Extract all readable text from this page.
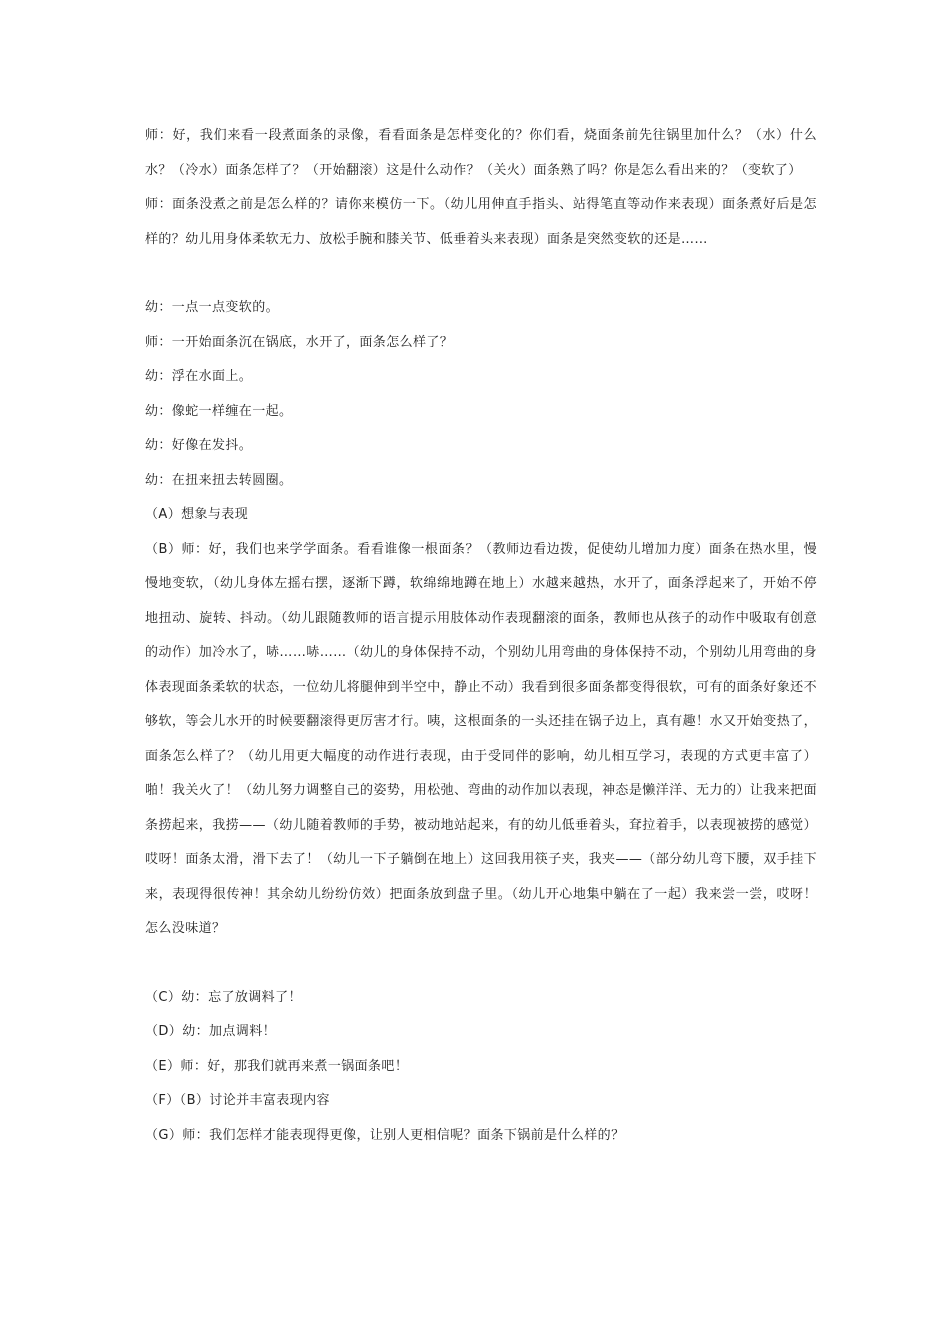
师：好，我们来看一段煮面条的录像，看看面条是怎样变化的？你们看，烧面条前先往锅里加什么？（水）什么水？（冷水）面条怎样了？（开始翻滚）这是什么动作？（关火）面条熟了吗？你是怎么看出来的？（变软了）

师：面条没煮之前是怎么样的？请你来模仿一下。（幼儿用伸直手指头、站得笔直等动作来表现）面条煮好后是怎样的？幼儿用身体柔软无力、放松手腕和膝关节、低垂着头来表现）面条是突然变软的还是……

幼：一点一点变软的。

师：一开始面条沉在锅底，水开了，面条怎么样了？

幼：浮在水面上。

幼：像蛇一样缠在一起。

幼：好像在发抖。

幼：在扭来扭去转圆圈。

（A）想象与表现

（B）师：好，我们也来学学面条。看看谁像一根面条？（教师边看边拨，促使幼儿增加力度）面条在热水里，慢慢地变软，（幼儿身体左摇右摆，逐渐下蹲，软绵绵地蹲在地上）水越来越热，水开了，面条浮起来了，开始不停地扭动、旋转、抖动。（幼儿跟随教师的语言提示用肢体动作表现翻滚的面条，教师也从孩子的动作中吸取有创意的动作）加冷水了，哧……哧……（幼儿的身体保持不动，个别幼儿用弯曲的身体保持不动，个别幼儿用弯曲的身体表现面条柔软的状态，一位幼儿将腿伸到半空中，静止不动）我看到很多面条都变得很软，可有的面条好象还不够软，等会儿水开的时候要翻滚得更厉害才行。咦，这根面条的一头还挂在锅子边上，真有趣！水又开始变热了，面条怎么样了？（幼儿用更大幅度的动作进行表现，由于受同伴的影响，幼儿相互学习，表现的方式更丰富了）啪！我关火了！（幼儿努力调整自己的姿势，用松弛、弯曲的动作加以表现，神态是懒洋洋、无力的）让我来把面条捞起来，我捞——（幼儿随着教师的手势，被动地站起来，有的幼儿低垂着头，耷拉着手，以表现被捞的感觉）哎呀！面条太滑，滑下去了！（幼儿一下子躺倒在地上）这回我用筷子夹，我夹——（部分幼儿弯下腰，双手挂下来，表现得很传神！其余幼儿纷纷仿效）把面条放到盘子里。（幼儿开心地集中躺在了一起）我来尝一尝，哎呀！怎么没味道？

（C）幼：忘了放调料了！

（D）幼：加点调料！

（E）师：好，那我们就再来煮一锅面条吧！

（F）（B）讨论并丰富表现内容

（G）师：我们怎样才能表现得更像，让别人更相信呢？面条下锅前是什么样的？
